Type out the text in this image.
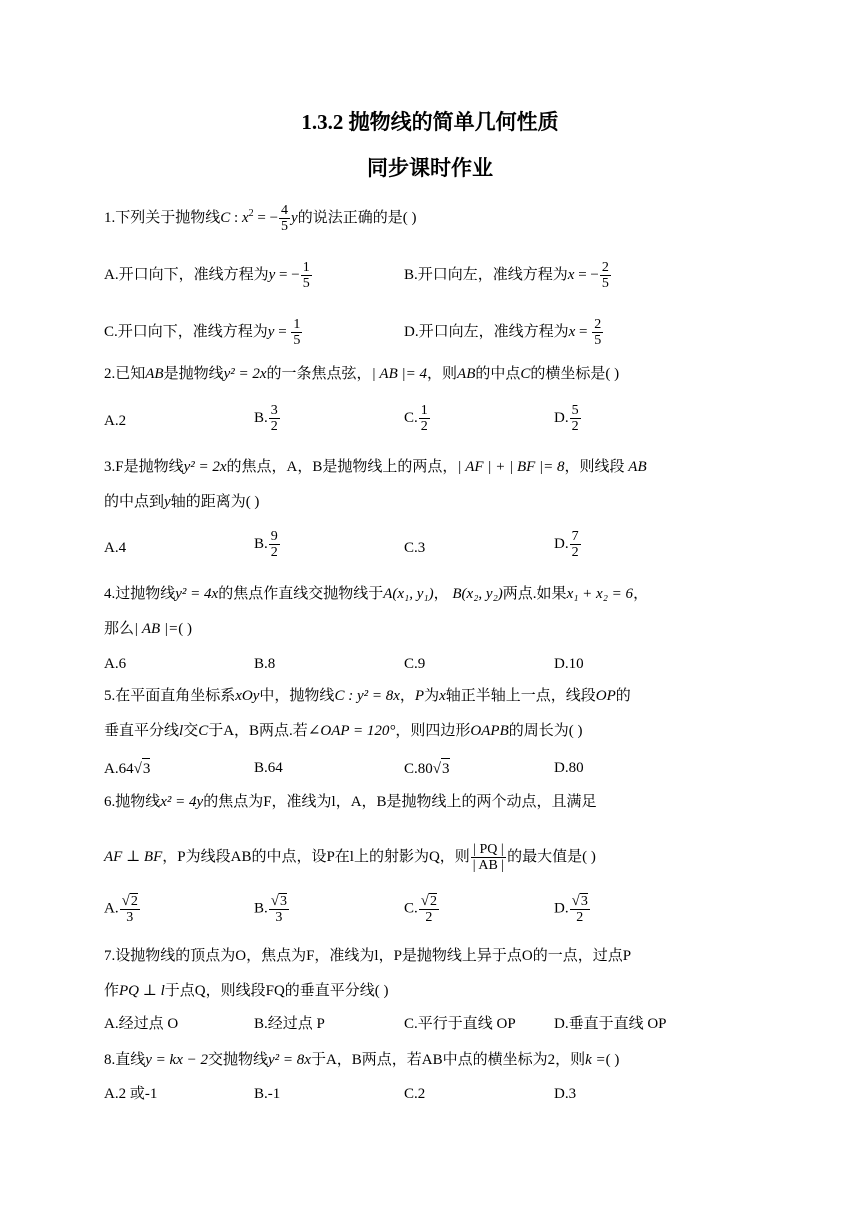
1.3.2 抛物线的简单几何性质
同步课时作业
1.下列关于抛物线C : $x^2$ = − $\frac{4}{5}$ y的说法正确的是( )
A.开口向下，准线方程为y = − $\frac{1}{5}$	B.开口向左，准线方程为x = − $\frac{2}{5}$
C.开口向下，准线方程为$y = \frac{1}{5}$	D.开口向左，准线方程为$x = \frac{2}{5}$
2.已知AB是抛物线y² = 2x的一条焦点弦，| AB |= 4，则AB的中点C的横坐标是( )
A.2	B. $\frac{3}{2}$	C. $\frac{1}{2}$	D. $\frac{5}{2}$
3.F是抛物线y² = 2x的焦点，A，B是抛物线上的两点，| AF | + | BF |= 8，则线段 AB
的中点到y轴的距离为( )
A.4	B. $\frac{9}{2}$	C.3	D. $\frac{7}{2}$
4.过抛物线y² = 4x的焦点作直线交抛物线于A(x₁, y₁)， B(x₂, y₂)两点.如果x₁ + x₂ = 6，
那么| AB |=( )
A.6	B.8	C.9	D.10
5.在平面直角坐标系xOy中，抛物线C : y² = 8x，P为x轴正半轴上一点，线段OP的
垂直平分线l交C于A，B两点.若∠OAP = 120°，则四边形OAPB的周长为( )
A.64√3	B.64	C.80√3	D.80
6.抛物线x² = 4y的焦点为F，准线为l，A，B是抛物线上的两个动点，且满足
AF ⊥ BF，P为线段AB的中点，设P在l上的射影为Q，则 $\frac{| PQ |}{| AB |}$ 的最大值是( )
A. $\frac{√2}{3}$	B. $\frac{√3}{3}$	C. $\frac{√2}{2}$	D. $\frac{√3}{2}$
7.设抛物线的顶点为O，焦点为F，准线为l，P是抛物线上异于点O的一点，过点P
作PQ ⊥ l于点Q，则线段FQ的垂直平分线( )
A.经过点 O	B.经过点 P	C.平行于直线 OP	D.垂直于直线 OP
8.直线y = kx − 2交抛物线y² = 8x于A，B两点，若AB中点的横坐标为2，则k =( )
A.2 或-1	B.-1	C.2	D.3
